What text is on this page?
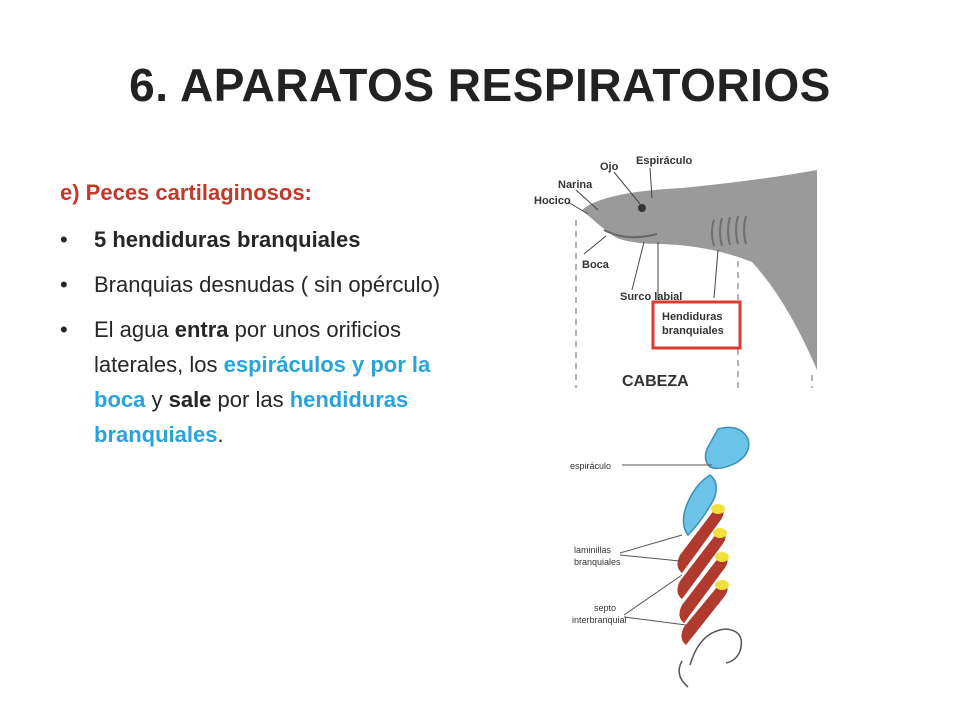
6. APARATOS RESPIRATORIOS
e) Peces cartilaginosos:
• 5 hendiduras branquiales
• Branquias desnudas ( sin opérculo)
• El agua entra por unos orificios laterales, los espiráculos y por la boca y sale por las hendiduras branquiales.
Ojo Espiráculo
Narina
Hocico
Boca
Surco labial
Hendiduras
branquiales
CABEZA
espiráculo
laminillas
branquiales
septo
interbranquial
